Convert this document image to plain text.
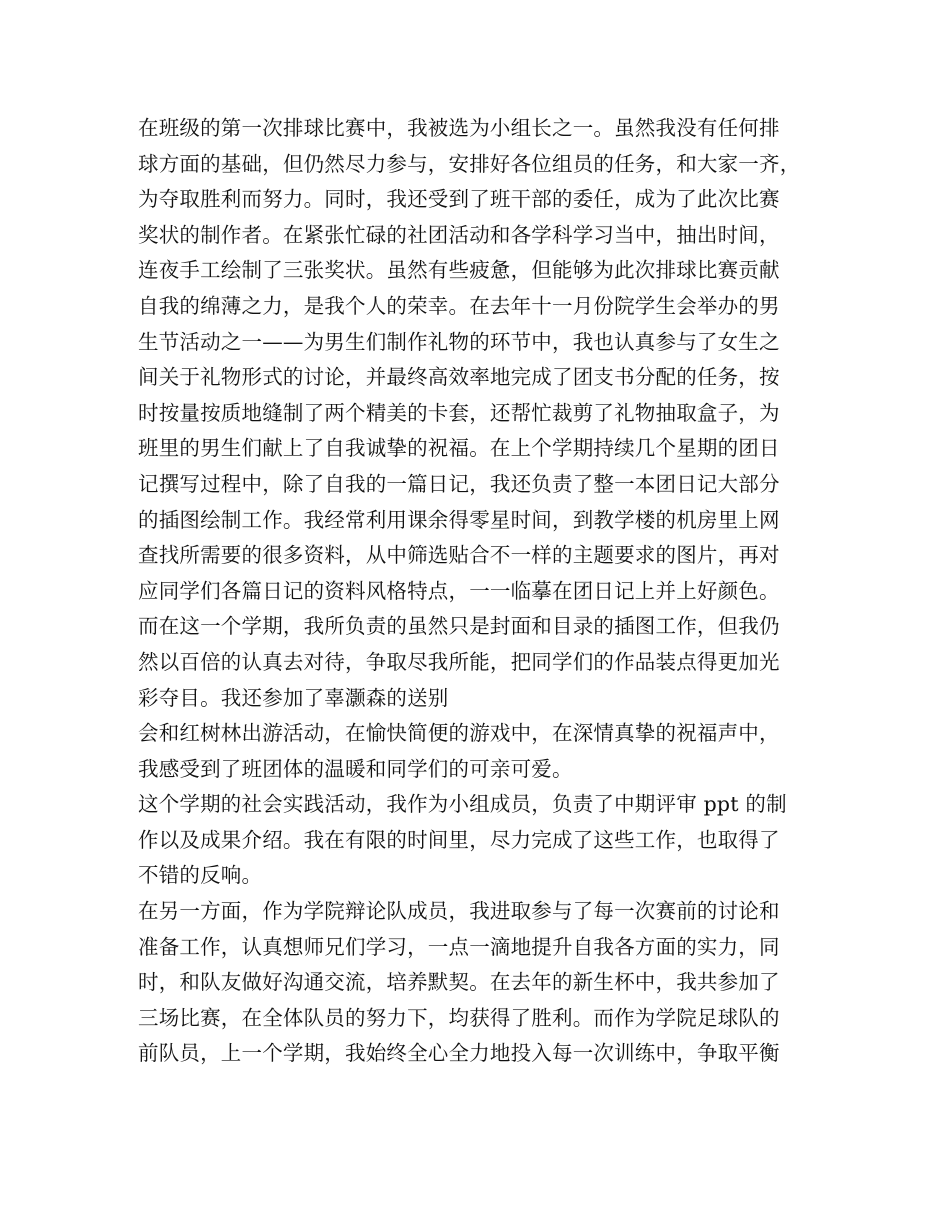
在班级的第一次排球比赛中，我被选为小组长之一。虽然我没有任何排
球方面的基础，但仍然尽力参与，安排好各位组员的任务，和大家一齐，
为夺取胜利而努力。同时，我还受到了班干部的委任，成为了此次比赛
奖状的制作者。在紧张忙碌的社团活动和各学科学习当中，抽出时间，
连夜手工绘制了三张奖状。虽然有些疲惫，但能够为此次排球比赛贡献
自我的绵薄之力，是我个人的荣幸。在去年十一月份院学生会举办的男
生节活动之一——为男生们制作礼物的环节中，我也认真参与了女生之
间关于礼物形式的讨论，并最终高效率地完成了团支书分配的任务，按
时按量按质地缝制了两个精美的卡套，还帮忙裁剪了礼物抽取盒子，为
班里的男生们献上了自我诚挚的祝福。在上个学期持续几个星期的团日
记撰写过程中，除了自我的一篇日记，我还负责了整一本团日记大部分
的插图绘制工作。我经常利用课余得零星时间，到教学楼的机房里上网
查找所需要的很多资料，从中筛选贴合不一样的主题要求的图片，再对
应同学们各篇日记的资料风格特点，一一临摹在团日记上并上好颜色。
而在这一个学期，我所负责的虽然只是封面和目录的插图工作，但我仍
然以百倍的认真去对待，争取尽我所能，把同学们的作品装点得更加光
彩夺目。我还参加了辜灏森的送别
会和红树林出游活动，在愉快简便的游戏中，在深情真挚的祝福声中，
我感受到了班团体的温暖和同学们的可亲可爱。
这个学期的社会实践活动，我作为小组成员，负责了中期评审 ppt 的制
作以及成果介绍。我在有限的时间里，尽力完成了这些工作，也取得了
不错的反响。
在另一方面，作为学院辩论队成员，我进取参与了每一次赛前的讨论和
准备工作，认真想师兄们学习，一点一滴地提升自我各方面的实力，同
时，和队友做好沟通交流，培养默契。在去年的新生杯中，我共参加了
三场比赛，在全体队员的努力下，均获得了胜利。而作为学院足球队的
前队员，上一个学期，我始终全心全力地投入每一次训练中，争取平衡
